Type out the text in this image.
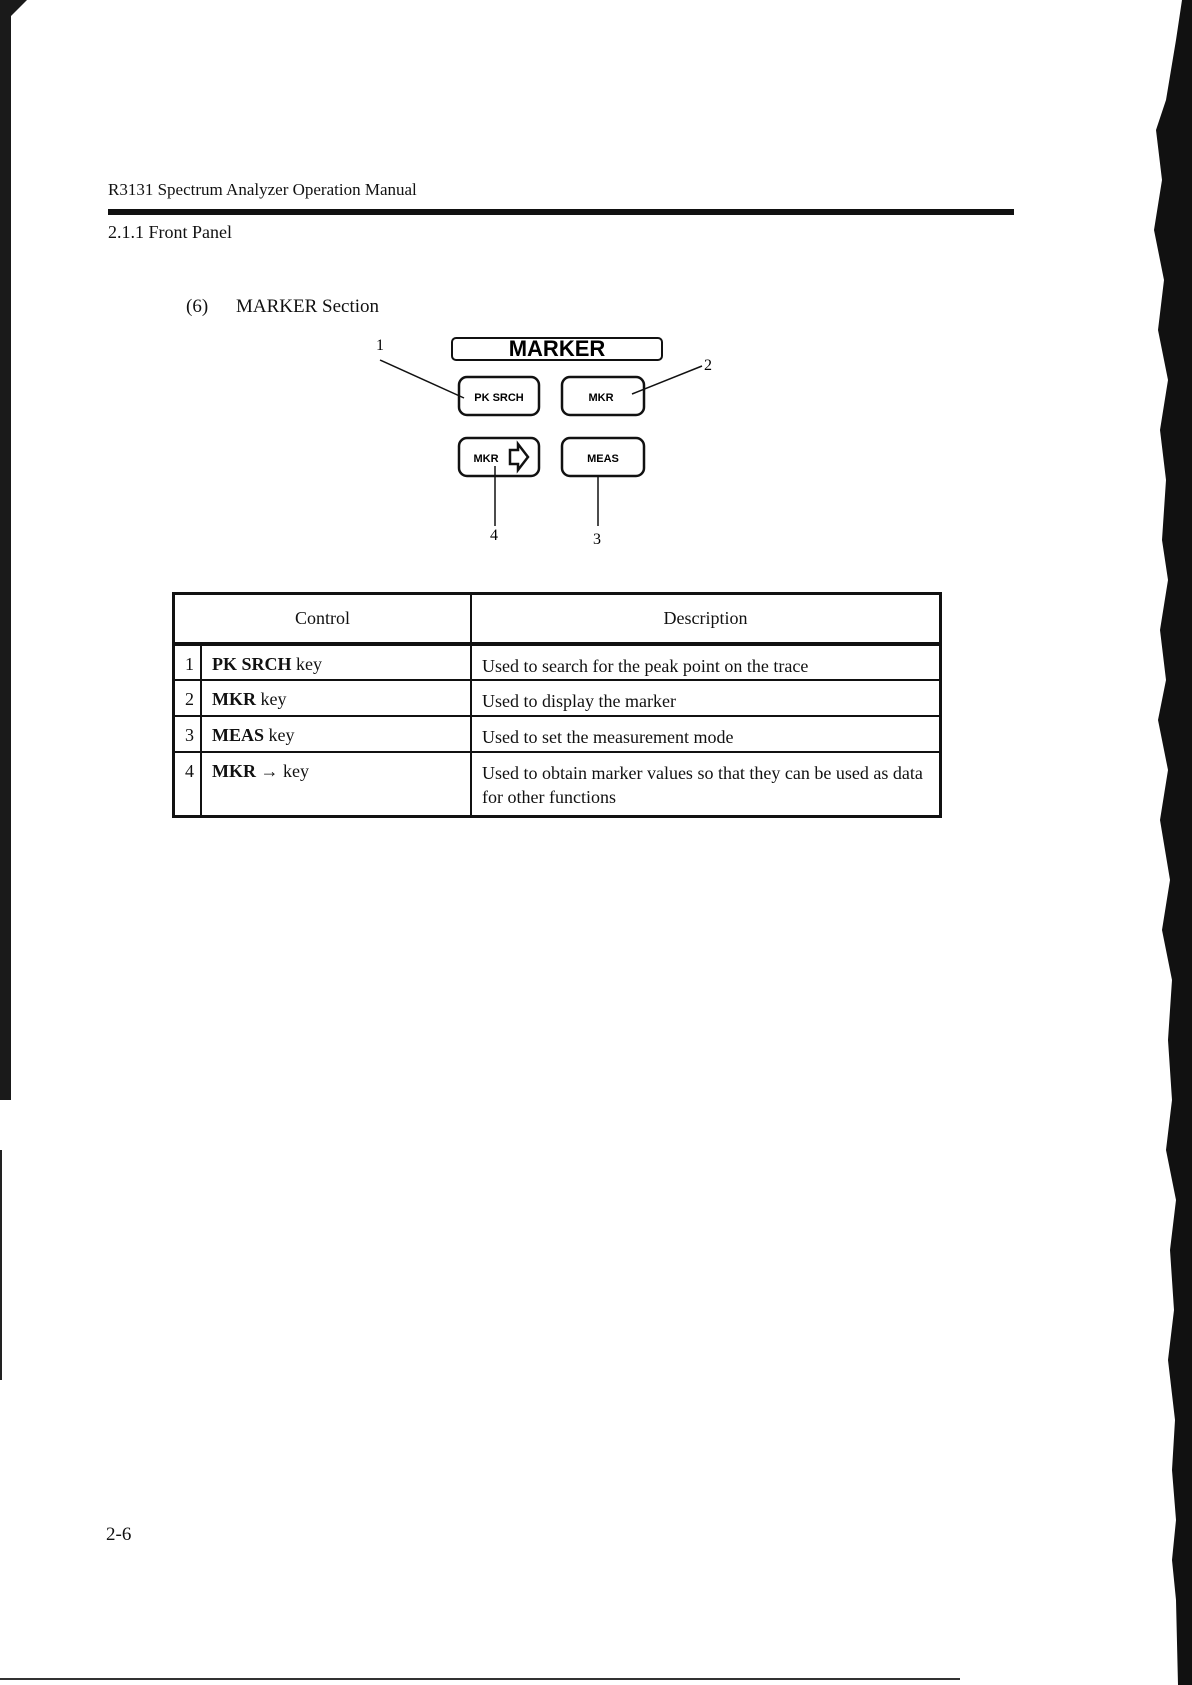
R3131 Spectrum Analyzer Operation Manual
2.1.1 Front Panel
(6) MARKER Section
MARKER
PK SRCH	MKR
MKR	MEAS
1
2
3
4
Control		Description
1	PK SRCH key	Used to search for the peak point on the trace
2	MKR key	Used to display the marker
3	MEAS key	Used to set the measurement mode
4	MKR → key	Used to obtain marker values so that they can be used as data for other functions
2-6
